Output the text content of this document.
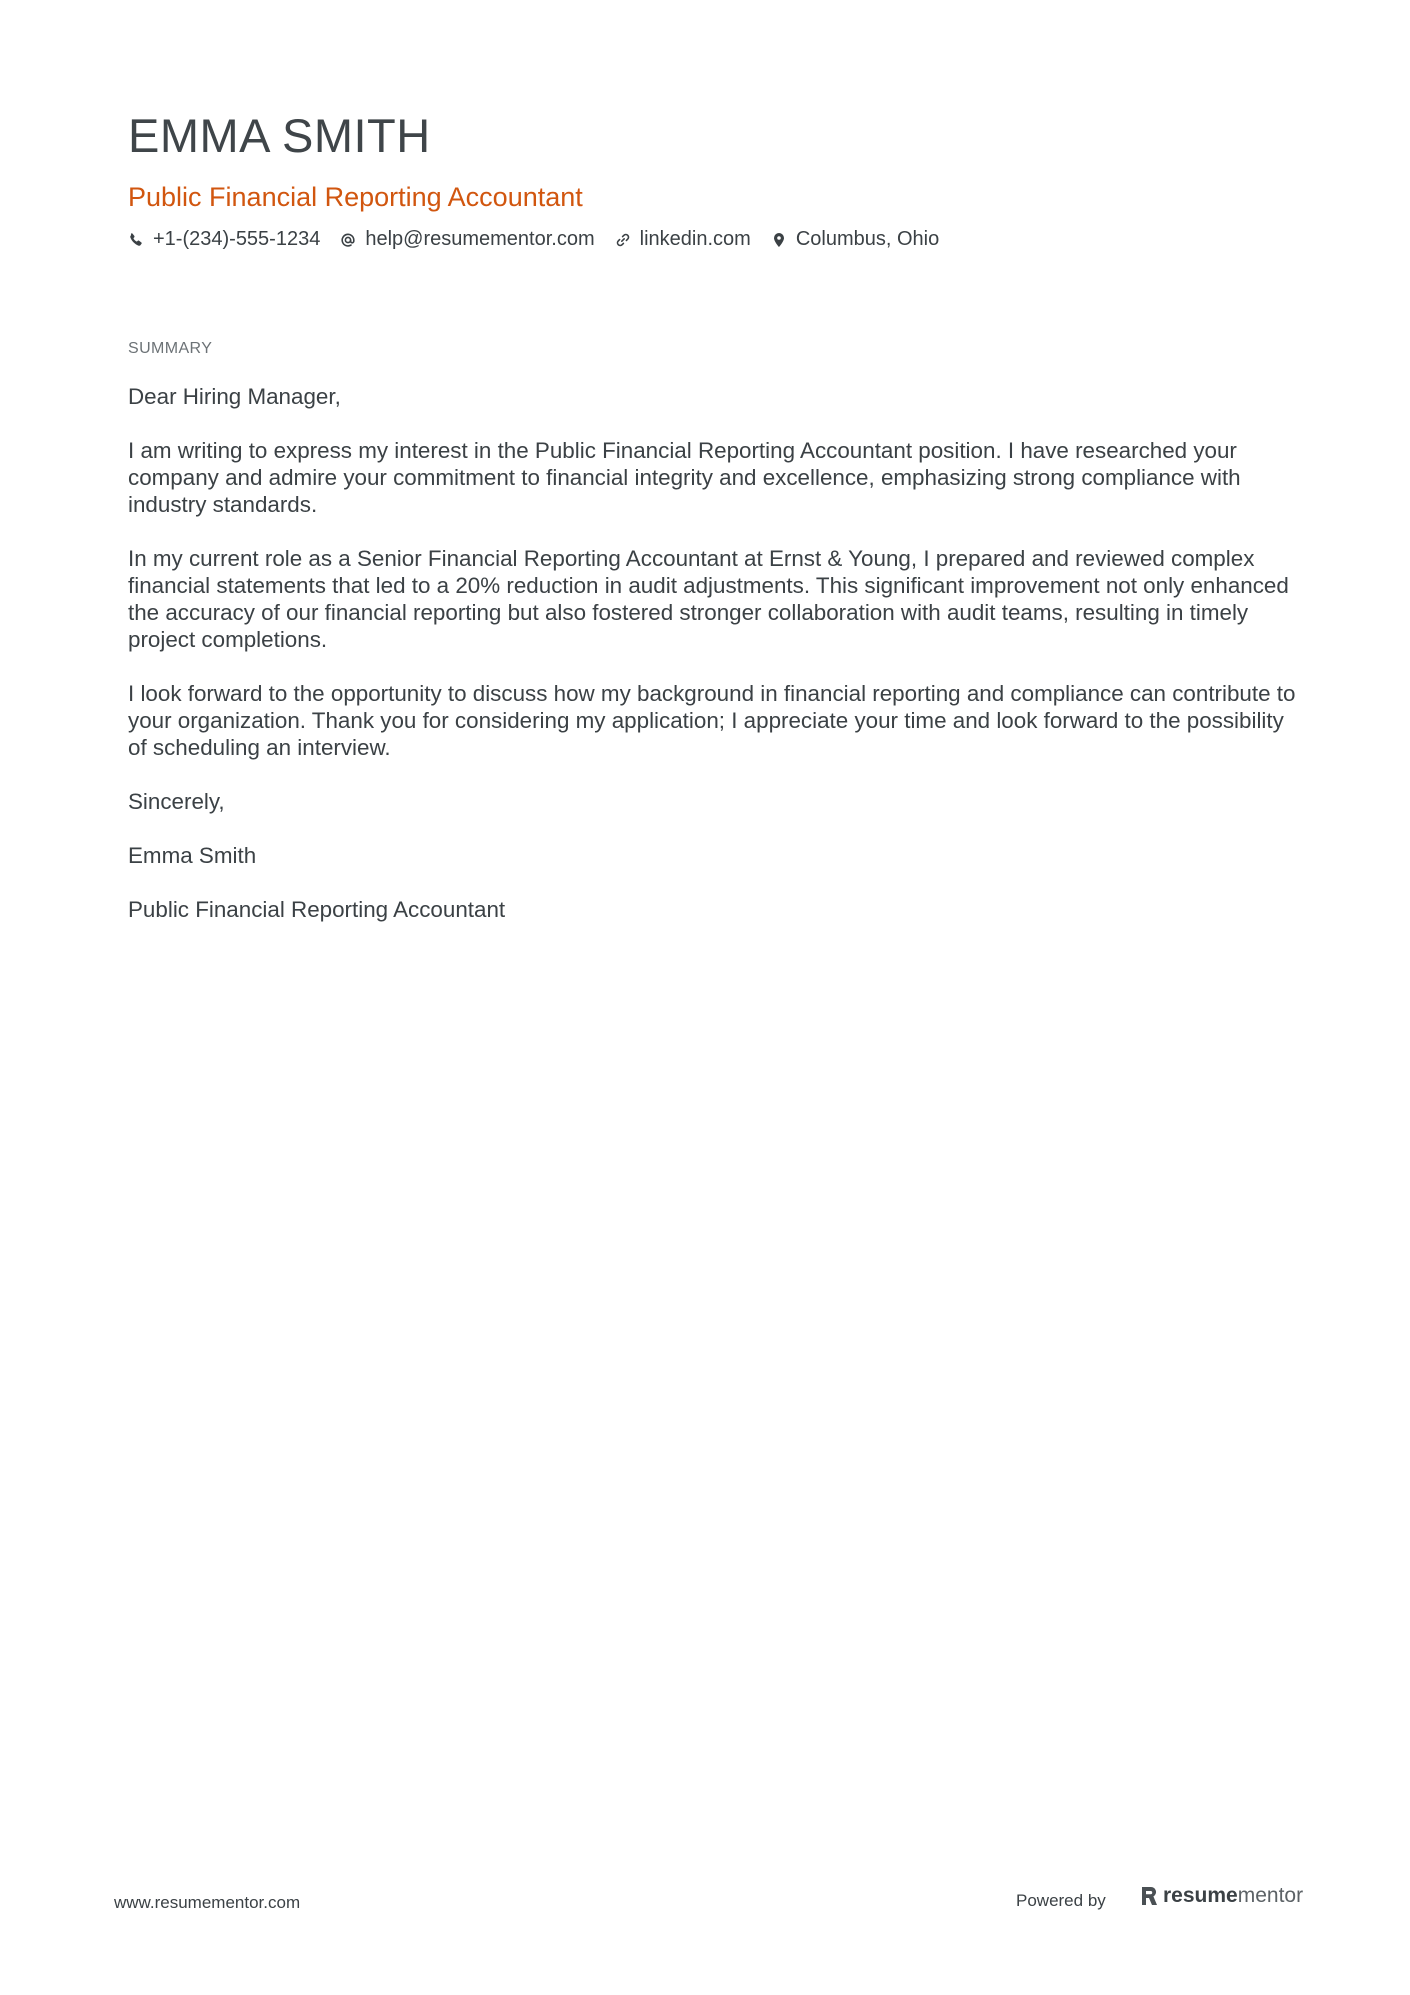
EMMA SMITH
Public Financial Reporting Accountant
+1-(234)-555-1234 help@resumementor.com linkedin.com Columbus, Ohio
SUMMARY

Dear Hiring Manager,

I am writing to express my interest in the Public Financial Reporting Accountant position. I have researched your company and admire your commitment to financial integrity and excellence, emphasizing strong compliance with industry standards.

In my current role as a Senior Financial Reporting Accountant at Ernst & Young, I prepared and reviewed complex financial statements that led to a 20% reduction in audit adjustments. This significant improvement not only enhanced the accuracy of our financial reporting but also fostered stronger collaboration with audit teams, resulting in timely project completions.

I look forward to the opportunity to discuss how my background in financial reporting and compliance can contribute to your organization. Thank you for considering my application; I appreciate your time and look forward to the possibility of scheduling an interview.

Sincerely,

Emma Smith

Public Financial Reporting Accountant

www.resumementor.com	Powered by	resume mentor
